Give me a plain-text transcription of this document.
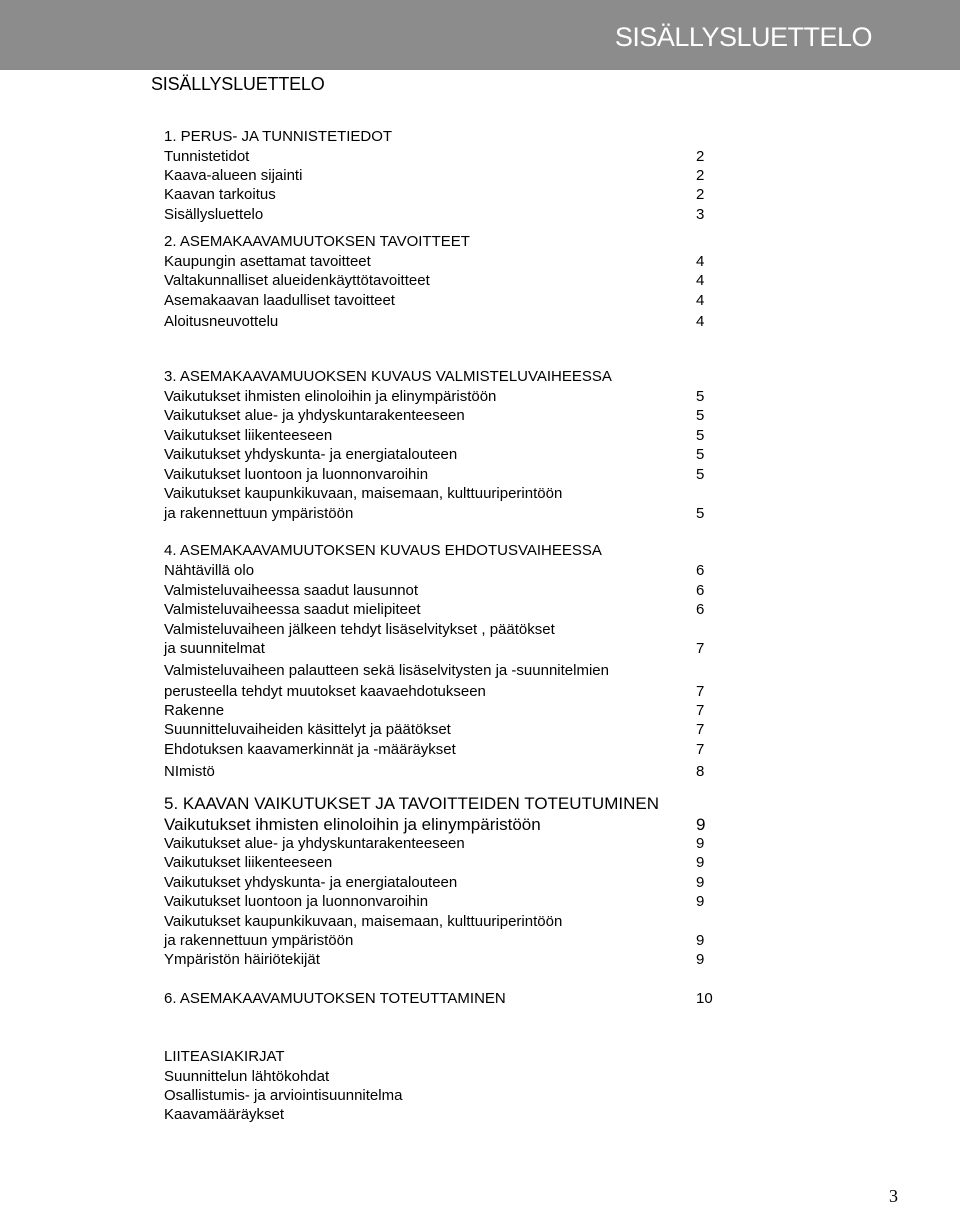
SISÄLLYSLUETTELO
SISÄLLYSLUETTELO
1. PERUS- JA TUNNISTETIEDOT
Tunnistetidot	2
Kaava-alueen sijainti	2
Kaavan tarkoitus	2
Sisällysluettelo	3
2. ASEMAKAAVAMUUTOKSEN TAVOITTEET
Kaupungin asettamat tavoitteet	4
Valtakunnalliset alueidenkäyttötavoitteet	4
Asemakaavan laadulliset tavoitteet	4
Aloitusneuvottelu	4
3. ASEMAKAAVAMUUOKSEN KUVAUS VALMISTELUVAIHEESSA
Vaikutukset ihmisten elinoloihin ja elinympäristöön	5
Vaikutukset alue- ja yhdyskuntarakenteeseen	5
Vaikutukset liikenteeseen	5
Vaikutukset yhdyskunta- ja energiatalouteen	5
Vaikutukset luontoon ja luonnonvaroihin	5
Vaikutukset kaupunkikuvaan, maisemaan, kulttuuriperintöön
ja rakennettuun ympäristöön	5
4. ASEMAKAAVAMUUTOKSEN KUVAUS EHDOTUSVAIHEESSA
Nähtävillä olo	6
Valmisteluvaiheessa saadut lausunnot	6
Valmisteluvaiheessa saadut mielipiteet	6
Valmisteluvaiheen jälkeen tehdyt lisäselvitykset , päätökset
ja suunnitelmat	7
Valmisteluvaiheen palautteen sekä lisäselvitysten ja -suunnitelmien
perusteella tehdyt muutokset kaavaehdotukseen	7
Rakenne	7
Suunnitteluvaiheiden käsittelyt ja päätökset	7
Ehdotuksen kaavamerkinnät ja -määräykset	7
NImistö	8
5. KAAVAN VAIKUTUKSET JA TAVOITTEIDEN TOTEUTUMINEN
Vaikutukset ihmisten elinoloihin ja elinympäristöön	9
Vaikutukset alue- ja yhdyskuntarakenteeseen	9
Vaikutukset liikenteeseen	9
Vaikutukset yhdyskunta- ja energiatalouteen	9
Vaikutukset luontoon ja luonnonvaroihin	9
Vaikutukset kaupunkikuvaan, maisemaan, kulttuuriperintöön
ja rakennettuun ympäristöön	9
Ympäristön häiriötekijät	9
6. ASEMAKAAVAMUUTOKSEN TOTEUTTAMINEN	10
LIITEASIAKIRJAT
Suunnittelun lähtökohdat
Osallistumis- ja arviointisuunnitelma
Kaavamääräykset
3
